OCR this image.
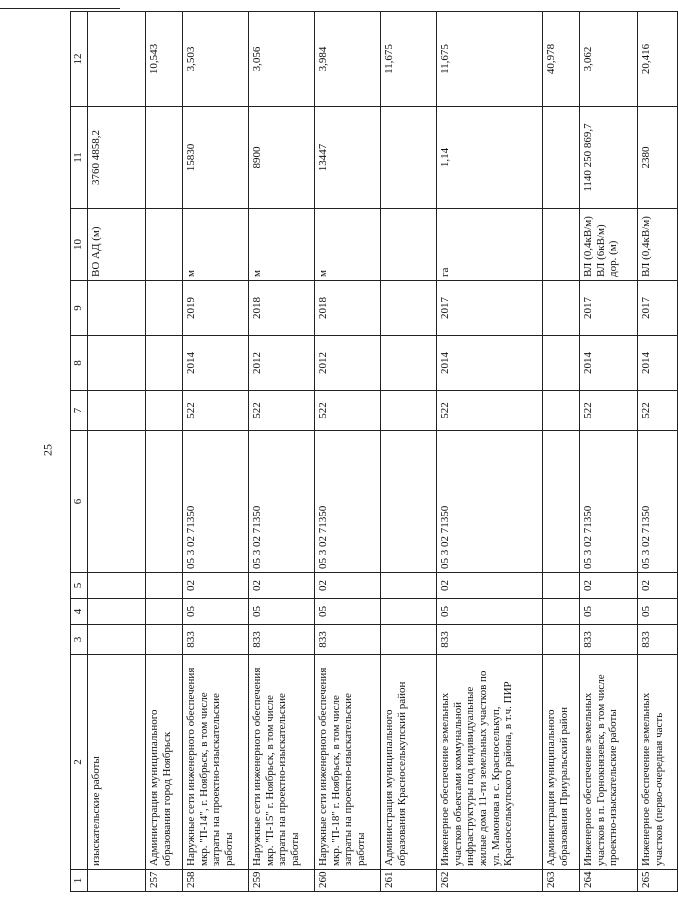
25
1	2	3	4	5	6	7	8	9	10	11	12
	изыскательские работы								ВО АД (м)	3760 4858,2	
257	Администрация муниципального образования город Ноябрьск										10,543
258	Наружные сети инженерного обеспечения мкр. "П-14", г. Ноябрьск, в том числе затраты на проектно-изыскательские работы	833	05	02	05 3 02 71350	522	2014	2019	м	15830	3,503
259	Наружные сети инженерного обеспечения мкр. "П-15" г. Ноябрьск, в том числе затраты на проектно-изыскательские работы	833	05	02	05 3 02 71350	522	2012	2018	м	8900	3,056
260	Наружные сети инженерного обеспечения мкр. "П-18" г. Ноябрьск, в том числе затраты на проектно-изыскательские работы	833	05	02	05 3 02 71350	522	2012	2018	м	13447	3,984
261	Администрация муниципального образования Красноселькупский район										11,675
262	Инженерное обеспечение земельных участков объектами коммунальной инфраструктуры под индивидуальные жилые дома 11-ти земельных участков по ул. Мамонова в с. Красноселькуп, Красноселькупского района, в т.ч. ПИР	833	05	02	05 3 02 71350	522	2014	2017	га	1,14	11,675
263	Администрация муниципального образования Приуральский район										40,978
264	Инженерное обеспечение земельных участков в п. Горнокнязевск, в том числе проектно-изыскательские работы	833	05	02	05 3 02 71350	522	2014	2017	ВЛ (0,4кВ/м) ВЛ (6кВ/м) дор. (м)	1140 250 869,7	3,062
265	Инженерное обеспечение земельных участков (перво-очередная часть	833	05	02	05 3 02 71350	522	2014	2017	ВЛ (0,4кВ/м)	2380	20,416
